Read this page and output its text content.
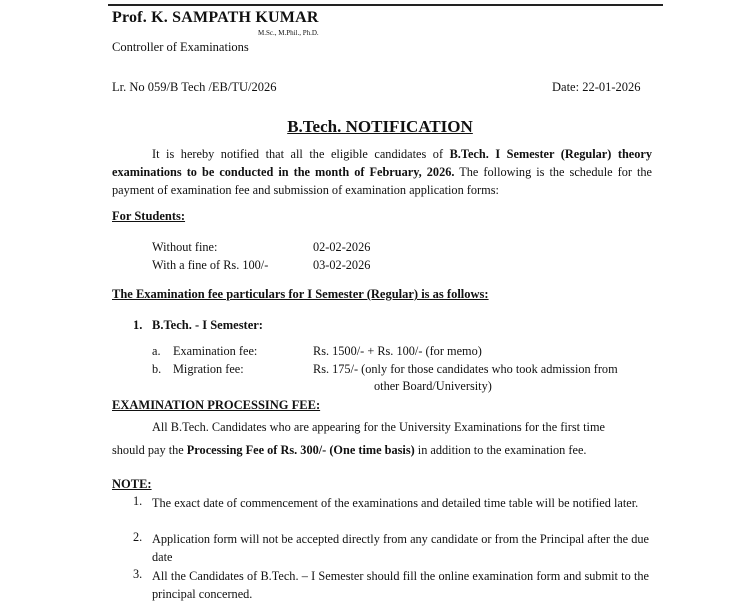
Prof. K. SAMPATH KUMAR
M.Sc., M.Phil., Ph.D.
Controller of Examinations
Lr. No 059/B Tech /EB/TU/2026	Date: 22-01-2026
B.Tech. NOTIFICATION
It is hereby notified that all the eligible candidates of B.Tech. I Semester (Regular) theory examinations to be conducted in the month of February, 2026. The following is the schedule for the payment of examination fee and submission of examination application forms:
For Students:
Without fine:	02-02-2026
With a fine of Rs. 100/-	03-02-2026
The Examination fee particulars for I Semester (Regular) is as follows:
1. B.Tech. - I Semester:
a. Examination fee:	Rs. 1500/- + Rs. 100/- (for memo)
b. Migration fee:	Rs. 175/- (only for those candidates who took admission from
other Board/University)
EXAMINATION PROCESSING FEE:
All B.Tech. Candidates who are appearing for the University Examinations for the first time
should pay the Processing Fee of Rs. 300/- (One time basis) in addition to the examination fee.
NOTE:
1. The exact date of commencement of the examinations and detailed time table will be notified later.
2. Application form will not be accepted directly from any candidate or from the Principal after the due date
3. All the Candidates of B.Tech. – I Semester should fill the online examination form and submit to the principal concerned.
